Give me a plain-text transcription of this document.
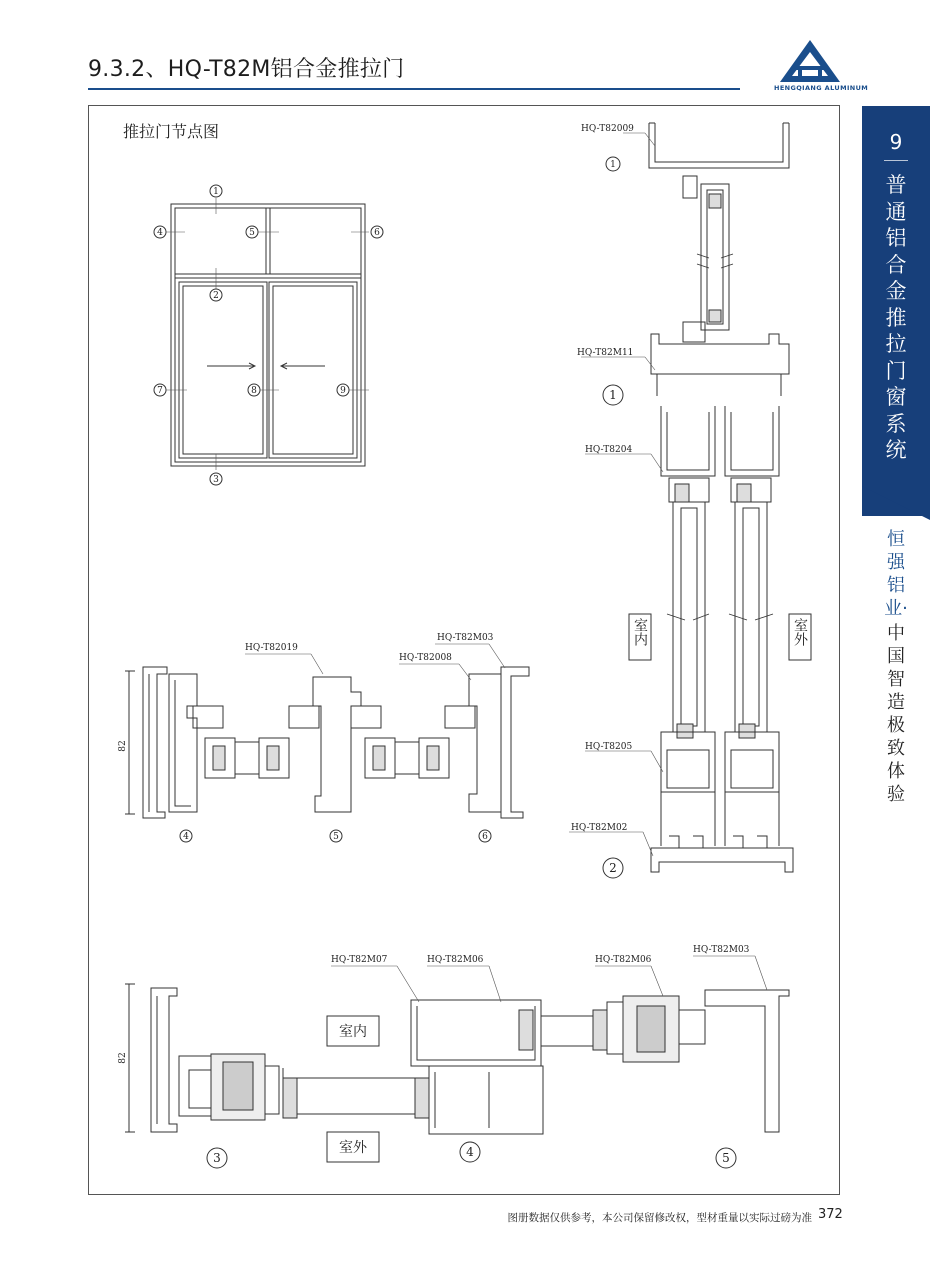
9.3.2、HQ-T82M铝合金推拉门
HENGQIANG ALUMINUM
推拉门节点图
1
2
3
4	5	6
7	8	9
HQ-T82009
HQ-T82M11
HQ-T8204
HQ-T8205
HQ-T82M02
1
1
2
室内	室外
HQ-T82019
HQ-T82008
HQ-T82M03
82
4	5	6
HQ-T82M07	HQ-T82M06	HQ-T82M06
HQ-T82M03
82
室内
室外
3	4	5
9
普通铝合金推拉门窗系统
恒强铝业·
中国智造 极致体验
图册数据仅供参考，本公司保留修改权，型材重量以实际过磅为准 372
